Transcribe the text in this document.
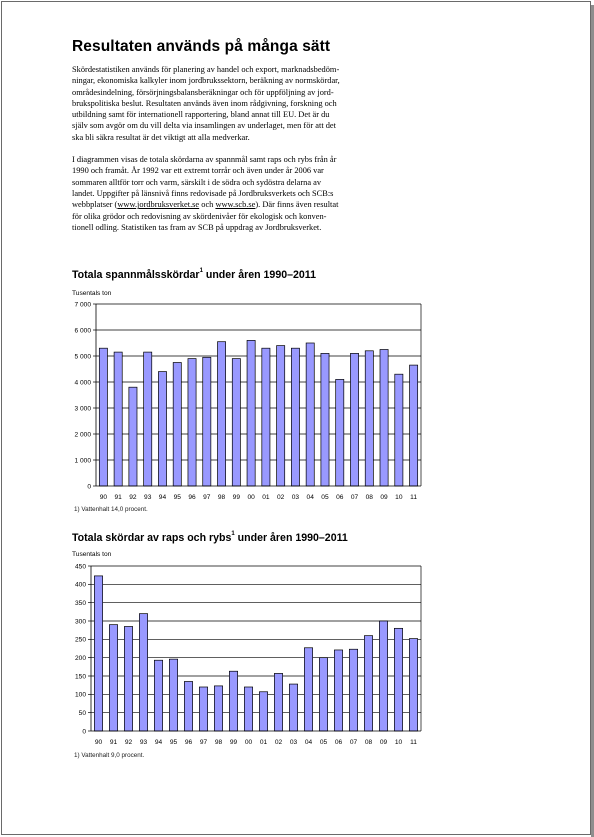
Resultaten används på många sätt

Skördestatistiken används för planering av handel och export, marknadsbedöm-
ningar, ekonomiska kalkyler inom jordbrukssektorn, beräkning av normskördar,
områdesindelning, försörjningsbalansberäkningar och för uppföljning av jord-
brukspolitiska beslut. Resultaten används även inom rådgivning, forskning och
utbildning samt för internationell rapportering, bland annat till EU. Det är du
själv som avgör om du vill delta via insamlingen av underlaget, men för att det
ska bli säkra resultat är det viktigt att alla medverkar.

I diagrammen visas de totala skördarna av spannmål samt raps och rybs från år
1990 och framåt. År 1992 var ett extremt torrår och även under år 2006 var
sommaren alltför torr och varm, särskilt i de södra och sydöstra delarna av
landet. Uppgifter på länsnivå finns redovisade på Jordbruksverkets och SCB:s
webbplatser (www.jordbruksverket.se och www.scb.se). Där finns även resultat
för olika grödor och redovisning av skördenivåer för ekologisk och konven-
tionell odling. Statistiken tas fram av SCB på uppdrag av Jordbruksverket.

Totala spannmålsskördar$^1$ under åren 1990–2011
Tusentals ton
0
1 000
2 000
3 000
4 000
5 000
6 000
7 000
90 91 92 93 94 95 96 97 98 99 00 01 02 03 04 05 06 07 08 09 10 11
1) Vattenhalt 14,0 procent.
Totala skördar av raps och rybs$^1$ under åren 1990–2011
Tusentals ton
0
50
100
150
200
250
300
350
400
450
90 91 92 93 94 95 96 97 98 99 00 01 02 03 04 05 06 07 08 09 10 11
1) Vattenhalt 9,0 procent.
